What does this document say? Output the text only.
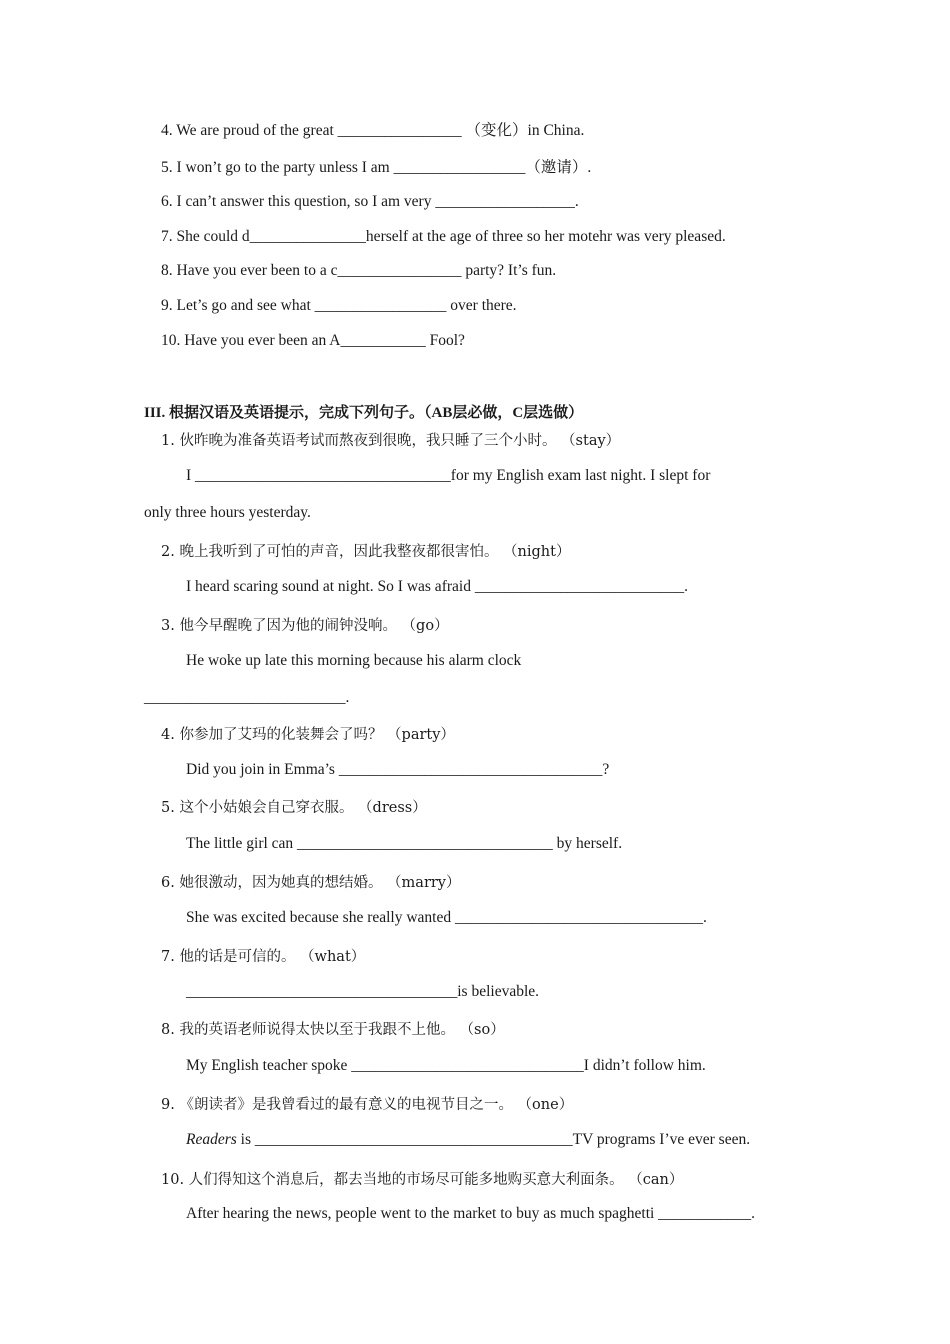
4. We are proud of the great ________________ （变化）in China.
5. I won’t go to the party unless I am _________________（邀请）.
6. I can’t answer this question, so I am very __________________.
7. She could d_______________herself at the age of three so her motehr was very pleased.
8. Have you ever been to a c________________ party? It’s fun.
9. Let’s go and see what _________________ over there.
10. Have you ever been an A___________ Fool?
III. 根据汉语及英语提示，完成下列句子。（AB层必做，C层选做）
1. 伙昨晚为准备英语考试而熬夜到很晚，我只睡了三个小时。 （stay）
I _________________________________for my English exam last night. I slept for
only three hours yesterday.
2. 晚上我听到了可怕的声音，因此我整夜都很害怕。 （night）
I heard scaring sound at night. So I was afraid ___________________________.
3. 他今早醒晚了因为他的闹钟没响。 （go）
He woke up late this morning because his alarm clock
__________________________.
4. 你参加了艾玛的化装舞会了吗？ （party）
Did you join in Emma’s __________________________________?
5. 这个小姑娘会自己穿衣服。 （dress）
The little girl can _________________________________ by herself.
6. 她很激动，因为她真的想结婚。 （marry）
She was excited because she really wanted ________________________________.
7. 他的话是可信的。 （what）
___________________________________is believable.
8. 我的英语老师说得太快以至于我跟不上他。 （so）
My English teacher spoke ______________________________I didn’t follow him.
9. 《朗读者》是我曾看过的最有意义的电视节目之一。 （one）
Readers is _________________________________________TV programs I’ve ever seen.
10. 人们得知这个消息后，都去当地的市场尽可能多地购买意大利面条。 （can）
After hearing the news, people went to the market to buy as much spaghetti ____________.
